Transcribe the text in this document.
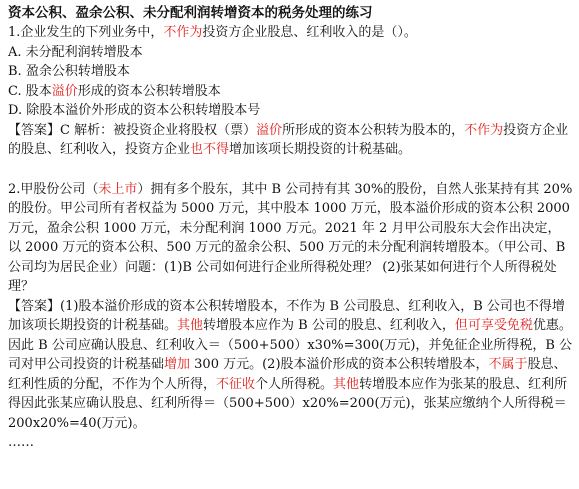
资本公积、盈余公积、未分配利润转增资本的税务处理的练习

1.企业发生的下列业务中，不作为投资方企业股息、红利收入的是（）。

A. 未分配利润转增股本

B. 盈余公积转增股本

C. 股本溢价形成的资本公积转增股本

D. 除股本溢价外形成的资本公积转增股本号

【答案】C 解析：被投资企业将股权（票）溢价所形成的资本公积转为股本的，不作为投资方企业的股息、红利收入，投资方企业也不得增加该项长期投资的计税基础。

2.甲股份公司（未上市）拥有多个股东，其中 B 公司持有其 30%的股份，自然人张某持有其 20%的股份。甲公司所有者权益为 5000 万元，其中股本 1000 万元，股本溢价形成的资本公积 2000 万元，盈余公积 1000 万元，未分配利润 1000 万元。2021 年 2 月甲公司股东大会作出决定，以 2000 万元的资本公积、500 万元的盈余公积、500 万元的未分配利润转增股本。（甲公司、B 公司均为居民企业）问题：(1)B 公司如何进行企业所得税处理？ (2)张某如何进行个人所得税处理？

【答案】(1)股本溢价形成的资本公积转增股本，不作为 B 公司股息、红利收入，B 公司也不得增加该项长期投资的计税基础。其他转增股本应作为 B 公司的股息、红利收入，但可享受免税优惠。因此 B 公司应确认股息、红利收入＝（500+500）x30%=300(万元)，并免征企业所得税，B 公司对甲公司投资的计税基础增加 300 万元。(2)股本溢价形成的资本公积转增股本，不属于股息、红利性质的分配，不作为个人所得，不征收个人所得税。其他转增股本应作为张某的股息、红利所得因此张某应确认股息、红利所得＝（500+500）x20%=200(万元)，张某应缴纳个人所得税＝200x20%=40(万元)。

……
